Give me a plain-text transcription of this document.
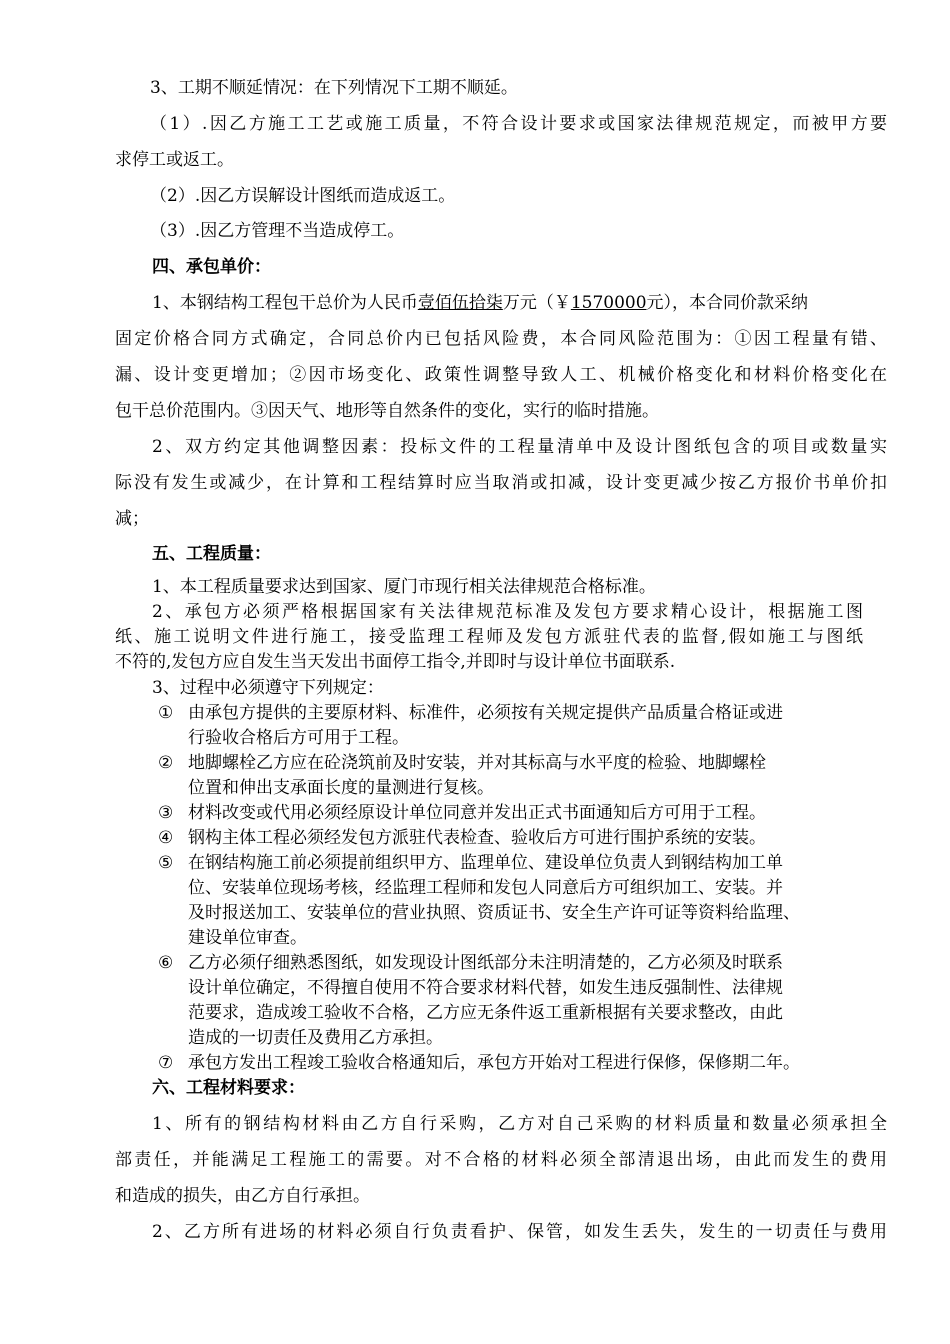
3、工期不顺延情况：在下列情况下工期不顺延。

（1）.因乙方施工工艺或施工质量，不符合设计要求或国家法律规范规定，而被甲方要

求停工或返工。

（2）.因乙方误解设计图纸而造成返工。

（3）.因乙方管理不当造成停工。

四、承包单价：

1、本钢结构工程包干总价为人民币壹佰伍拾柒万元（￥1570000元），本合同价款采纳

固定价格合同方式确定，合同总价内已包括风险费，本合同风险范围为：①因工程量有错、

漏、设计变更增加；②因市场变化、政策性调整导致人工、机械价格变化和材料价格变化在

包干总价范围内。③因天气、地形等自然条件的变化，实行的临时措施。

2、双方约定其他调整因素：投标文件的工程量清单中及设计图纸包含的项目或数量实

际没有发生或减少，在计算和工程结算时应当取消或扣减，设计变更减少按乙方报价书单价扣

减；

五、工程质量：

1、本工程质量要求达到国家、厦门市现行相关法律规范合格标准。

2、承包方必须严格根据国家有关法律规范标准及发包方要求精心设计，根据施工图

纸、施工说明文件进行施工，接受监理工程师及发包方派驻代表的监督,假如施工与图纸

不符的,发包方应自发生当天发出书面停工指令,并即时与设计单位书面联系.

3、过程中必须遵守下列规定：

① 由承包方提供的主要原材料、标准件，必须按有关规定提供产品质量合格证或进
行验收合格后方可用于工程。
② 地脚螺栓乙方应在砼浇筑前及时安装，并对其标高与水平度的检验、地脚螺栓
位置和伸出支承面长度的量测进行复核。
③ 材料改变或代用必须经原设计单位同意并发出正式书面通知后方可用于工程。
④ 钢构主体工程必须经发包方派驻代表检查、验收后方可进行围护系统的安装。
⑤ 在钢结构施工前必须提前组织甲方、监理单位、建设单位负责人到钢结构加工单
位、安装单位现场考核，经监理工程师和发包人同意后方可组织加工、安装。并
及时报送加工、安装单位的营业执照、资质证书、安全生产许可证等资料给监理、
建设单位审查。
⑥ 乙方必须仔细熟悉图纸，如发现设计图纸部分未注明清楚的，乙方必须及时联系
设计单位确定，不得擅自使用不符合要求材料代替，如发生违反强制性、法律规
范要求，造成竣工验收不合格，乙方应无条件返工重新根据有关要求整改，由此
造成的一切责任及费用乙方承担。
⑦ 承包方发出工程竣工验收合格通知后，承包方开始对工程进行保修，保修期二年。

六、工程材料要求：

1、所有的钢结构材料由乙方自行采购，乙方对自己采购的材料质量和数量必须承担全

部责任，并能满足工程施工的需要。对不合格的材料必须全部清退出场，由此而发生的费用

和造成的损失，由乙方自行承担。

2、乙方所有进场的材料必须自行负责看护、保管，如发生丢失，发生的一切责任与费用
